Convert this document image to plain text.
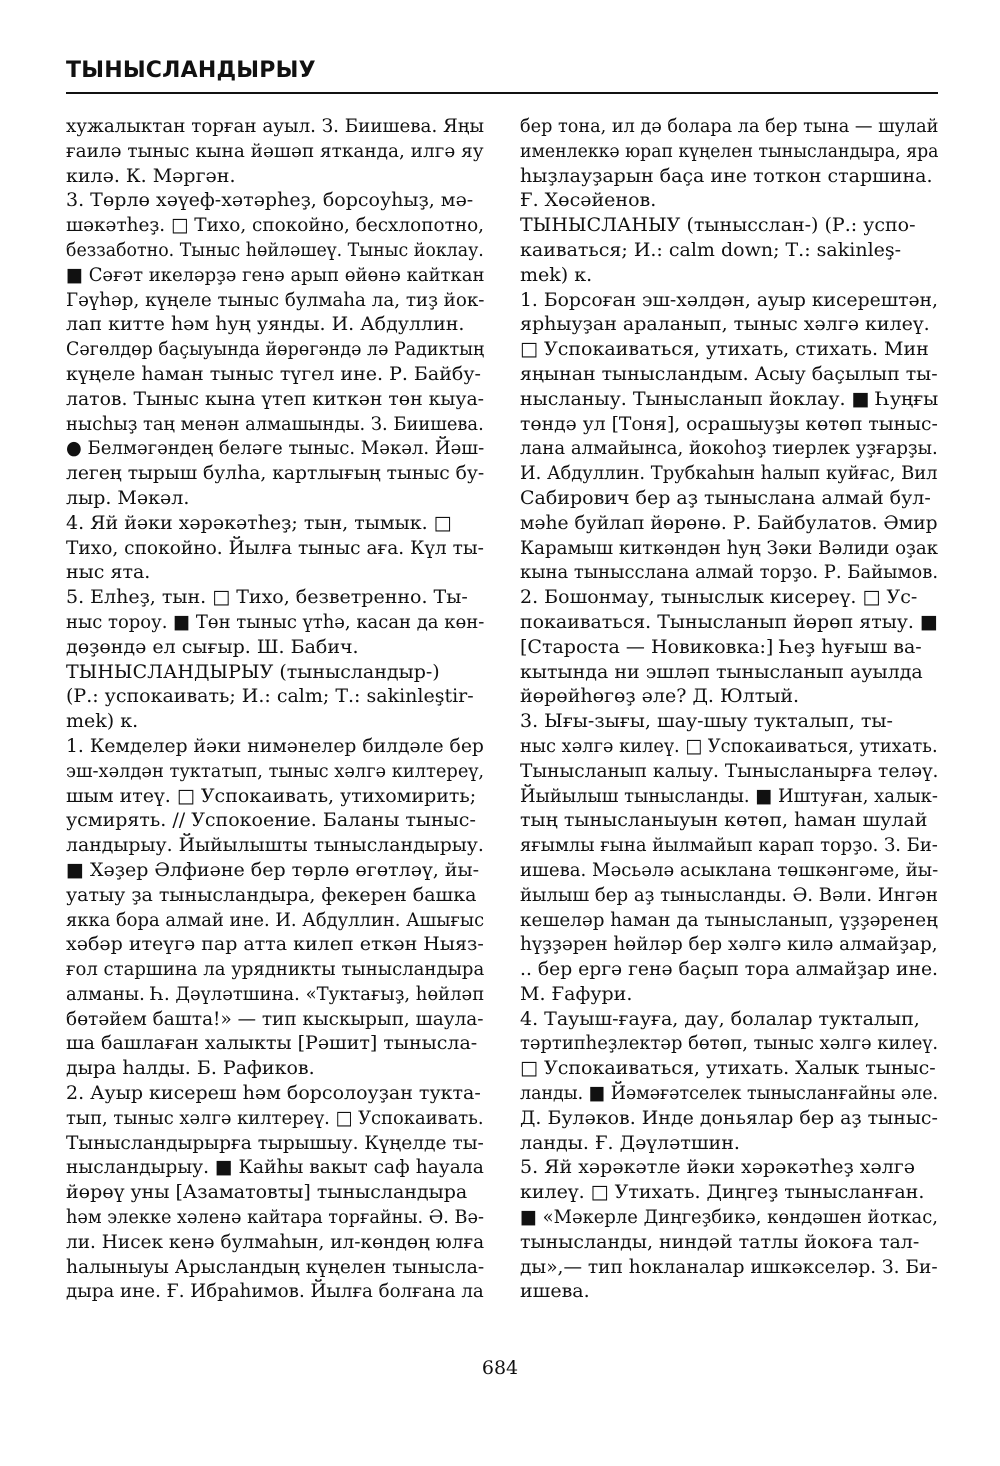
ТЫНЫСЛАНДЫРЫУ
хужалыктан торған ауыл. З. Биишева. Яңы
ғаилә тыныс кына йәшәп ятканда, илгә яу
килә. К. Мәргән.
3. Төрлө хәүеф-хәтәрһеҙ, борсоуһыҙ, мә-
шәкәтһеҙ. □ Тихо, спокойно, бесхлопотно,
беззаботно. Тыныс һөйләшеү. Тыныс йоклау.
■ Сәғәт икеләрҙә генә арып өйөнә кайткан
Гәүһәр, күңеле тыныс булмаһа ла, тиҙ йок-
лап китте һәм һуң уянды. И. Абдуллин.
Сәгөлдөр баҫыуында йөрөгәндә лә Радиктың
күңеле һаман тыныс түгел ине. Р. Байбу-
латов. Тыныс кына үтеп киткән төн кыуа-
нысһыҙ таң менән алмашынды. З. Биишева.
● Белмәгәндең беләге тыныс. Мәкәл. Йәш-
легең тырыш булһа, картлығың тыныс бу-
лыр. Мәкәл.
4. Яй йәки хәрәкәтһеҙ; тын, тымык. □
Тихо, спокойно. Йылға тыныс аға. Күл ты-
ныс ята.
5. Елһеҙ, тын. □ Тихо, безветренно. Ты-
ныс тороу. ■ Төн тыныс үтһә, касан да көн-
дөҙөндә ел сығыр. Ш. Бабич.
ТЫНЫСЛАНДЫРЫУ (тынысландыр-)
(Р.: успокаивать; И.: calm; Т.: sakinleştir-
mek) к.
1. Кемделер йәки нимәнелер билдәле бер
эш-хәлдән туктатып, тыныс хәлгә килтереү,
шым итеү. □ Успокаивать, утихомирить;
усмирять. // Успокоение. Баланы тыныс-
ландырыу. Йыйылышты тынысландырыу.
■ Хәҙер Әлфиәне бер төрлө өгөтләү, йы-
уатыу ҙа тынысландыра, фекерен башка
якка бора алмай ине. И. Абдуллин. Ашығыс
хәбәр итеүгә пар атта килеп еткән Ныяз-
ғол старшина ла урядникты тынысландыра
алманы. Һ. Дәүләтшина. «Туктағыҙ, һөйләп
бөтәйем башта!» — тип кыскырып, шаула-
ша башлаған халыкты [Рәшит] тынысла-
дыра һалды. Б. Рафиков.
2. Ауыр кисереш һәм борсолоуҙан тукта-
тып, тыныс хәлгә килтереү. □ Успокаивать.
Тынысландырырға тырышыу. Күңелде ты-
нысландырыу. ■ Кайһы вакыт саф һауала
йөрөү уны [Азаматовты] тынысландыра
һәм элекке хәленә кайтара торғайны. Ә. Вә-
ли. Нисек кенә булмаһын, ил-көндөң юлға
һалыныуы Арысландың күңелен тынысла-
дыра ине. Ғ. Ибраһимов. Йылға болғана ла
бер тона, ил дә болара ла бер тына — шулай
именлеккә юрап күңелен тынысландыра, яра
һыҙлауҙарын баҫа ине тоткон старшина.
Ғ. Хөсәйенов.
ТЫНЫСЛАНЫУ (тынысслан-) (Р.: успо-
каиваться; И.: calm down; Т.: sakinleş-
mek) к.
1. Борсоған эш-хәлдән, ауыр кисерештән,
ярһыуҙан араланып, тыныс хәлгә килеү.
□ Успокаиваться, утихать, стихать. Мин
яңынан тынысландым. Асыу баҫылып ты-
нысланыу. Тынысланып йоклау. ■ Һуңғы
төндә ул [Тоня], осрашыуҙы көтөп тыныс-
лана алмайынса, йокоһоҙ тиерлек уҙғарҙы.
И. Абдуллин. Трубкаһын һалып куйғас, Вил
Сабирович бер аҙ тыныслана алмай бул-
мәһе буйлап йөрөнө. Р. Байбулатов. Әмир
Карамыш киткәндән һуң Зәки Вәлиди оҙак
кына тынысслана алмай торҙо. Р. Байымов.
2. Бошонмау, тыныслык кисереү. □ Ус-
покаиваться. Тынысланып йөрөп ятыу. ■
[Староста — Новиковка:] Һеҙ һуғыш ва-
кытында ни эшләп тынысланып ауылда
йөрөйһөгөҙ әле? Д. Юлтый.
3. Ығы-зығы, шау-шыу тукталып, ты-
ныс хәлгә килеү. □ Успокаиваться, утихать.
Тынысланып калыу. Тынысланырға теләү.
Йыйылыш тынысланды. ■ Иштуған, халык-
тың тынысланыуын көтөп, һаман шулай
яғымлы ғына йылмайып карап торҙо. З. Би-
ишева. Мәсьәлә асыклана төшкәнгәме, йы-
йылыш бер аҙ тынысланды. Ә. Вәли. Ингән
кешеләр һаман да тынысланып, үҙҙәренең
һүҙҙәрен һөйләр бер хәлгә килә алмайҙар,
.. бер ергә генә баҫып тора алмайҙар ине.
М. Ғафури.
4. Тауыш-ғауға, дау, болалар тукталып,
тәртипһеҙлектәр бөтөп, тыныс хәлгә килеү.
□ Успокаиваться, утихать. Халык тыныс-
ланды. ■ Йәмәғәтселек тынысланғайны әле.
Д. Буләков. Инде доньялар бер аҙ тыныс-
ланды. Ғ. Дәүләтшин.
5. Яй хәрәкәтле йәки хәрәкәтһеҙ хәлгә
килеү. □ Утихать. Диңгеҙ тынысланған.
■ «Мәкерле Диңгеҙбикә, көндәшен йоткас,
тынысланды, ниндәй татлы йокоға тал-
ды»,— тип һокланалар ишкәкселәр. З. Би-
ишева.
684
